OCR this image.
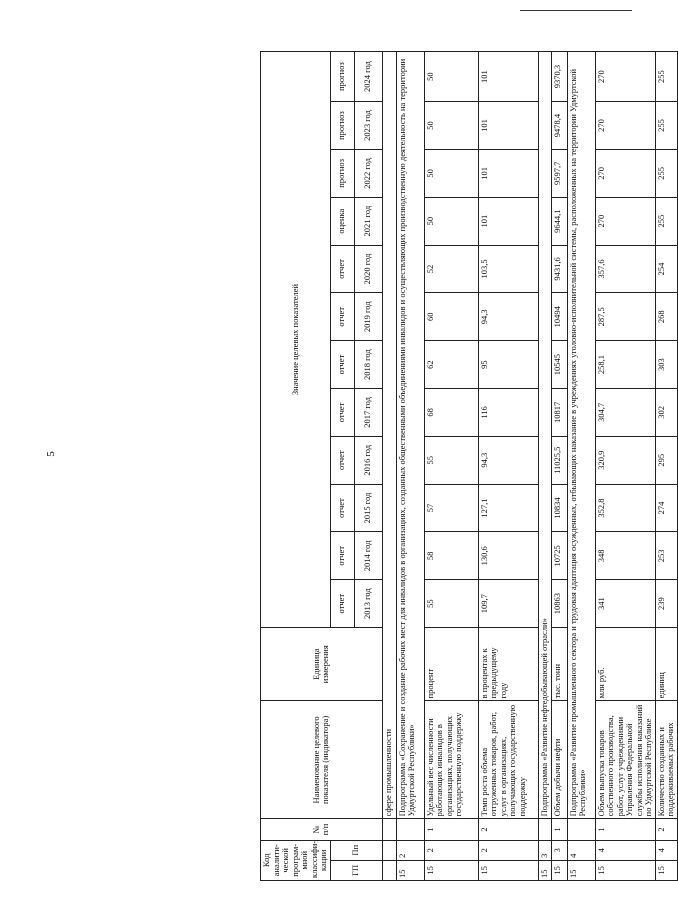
5
Код аналити-ческой програм-мной классифи-кации		№ п/п	Наименование целевого показателя (индикатора)	Единица измерения	Значение целевых показателей											
ГП	Пп				отчет	отчет	отчет	отчет	отчет	отчет	отчет	отчет	оценка	прогноз	прогноз	прогноз
					2013 год	2014 год	2015 год	2016 год	2017 год	2018 год	2019 год	2020 год	2021 год	2022 год	2023 год	2024 год
			сфере промышленности													
15	2		Подпрограмма «Сохранение и создание рабочих мест для инвалидов в организациях, созданных общественными объединениями инвалидов и осуществляющих производственную деятельность на территории Удмуртской Республики»													
15	2	1	Удельный вес численности работающих инвалидов в организациях, получающих государственную поддержку	процент	55	58	57	55	68	62	60	52	50	50	50	50
15	2	2	Темп роста объема отгруженных товаров, работ, услуг в организациях, получающих государственную поддержку	в процентах к предыдущему году	109,7	130,6	127,1	94,3	116	95	94,3	103,5	101	101	101	101
15	3		Подпрограмма «Развитие нефтедобывающей отрасли»													
15	3	1	Объем добычи нефти	тыс. тонн	10863	10725	10834	11025,5	10817	10545	10494	9431,6	9644,1	9597,7	9478,4	9370,3
15	4		Подпрограмма «Развитие промышленного сектора и трудовая адаптация осужденных, отбывающих наказание в учреждениях уголовно-исполнительной системы, расположенных на территории Удмуртской Республики»													
15	4	1	Объем выпуска товаров собственного производства, работ, услуг учреждениями Управления Федеральной службы исполнения наказаний по Удмуртской Республике	млн руб.	341	348	352,8	320,9	304,7	258,1	287,5	357,6	270	270	270	270
15	4	2	Количество созданных и поддерживаемых рабочих	единиц	239	253	274	295	302	303	268	254	255	255	255	255
